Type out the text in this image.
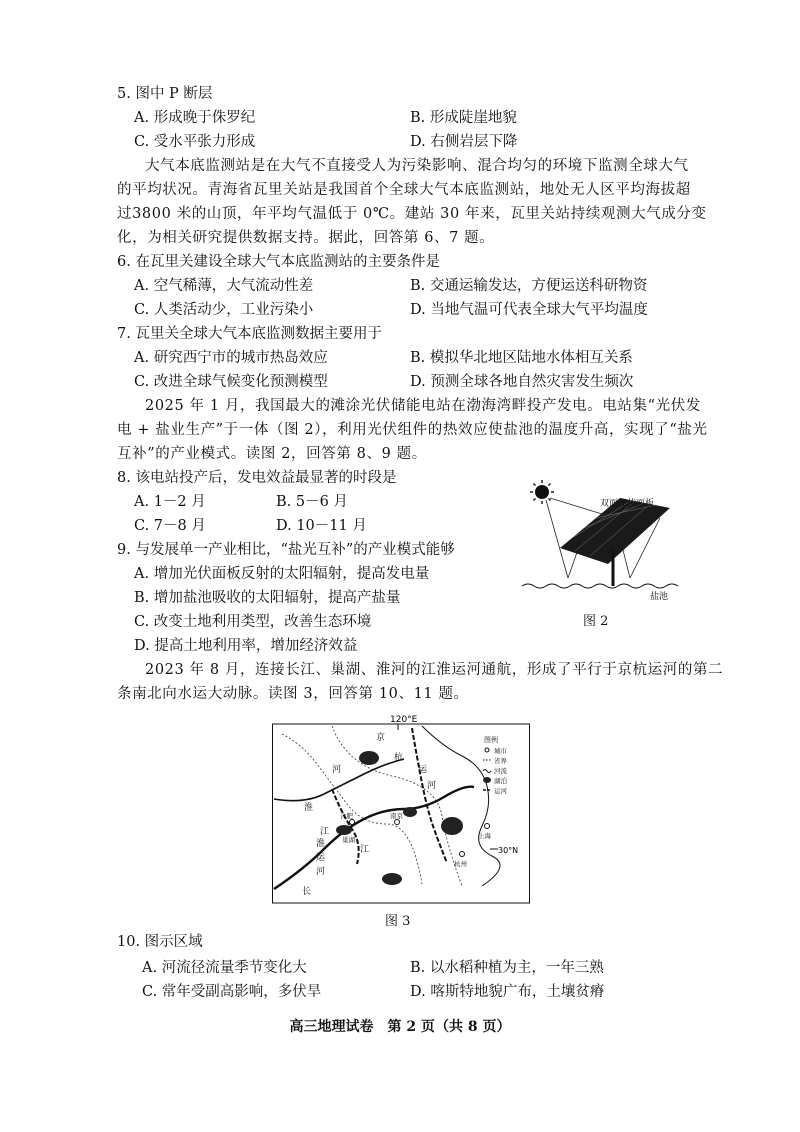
5. 图中 P 断层
A. 形成晚于侏罗纪	B. 形成陡崖地貌
C. 受水平张力形成	D. 右侧岩层下降
大气本底监测站是在大气不直接受人为污染影响、混合均匀的环境下监测全球大气
的平均状况。青海省瓦里关站是我国首个全球大气本底监测站，地处无人区平均海拔超
过3800 米的山顶，年平均气温低于 0℃。建站 30 年来，瓦里关站持续观测大气成分变
化，为相关研究提供数据支持。据此，回答第 6、7 题。
6. 在瓦里关建设全球大气本底监测站的主要条件是
A. 空气稀薄，大气流动性差	B. 交通运输发达，方便运送科研物资
C. 人类活动少，工业污染小	D. 当地气温可代表全球大气平均温度
7. 瓦里关全球大气本底监测数据主要用于
A. 研究西宁市的城市热岛效应	B. 模拟华北地区陆地水体相互关系
C. 改进全球气候变化预测模型	D. 预测全球各地自然灾害发生频次
2025 年 1 月，我国最大的滩涂光伏储能电站在渤海湾畔投产发电。电站集“光伏发
电 + 盐业生产”于一体（图 2），利用光伏组件的热效应使盐池的温度升高，实现了“盐光
互补”的产业模式。读图 2，回答第 8、9 题。
8. 该电站投产后，发电效益最显著的时段是
A. 1－2 月	B. 5－6 月
C. 7－8 月	D. 10－11 月
9. 与发展单一产业相比，“盐光互补”的产业模式能够
A. 增加光伏面板反射的太阳辐射，提高发电量
B. 增加盐池吸收的太阳辐射，提高产盐量
C. 改变土地利用类型，改善生态环境
D. 提高土地利用率，增加经济效益
双面光伏面板
盐池
图 2
2023 年 8 月，连接长江、巢湖、淮河的江淮运河通航，形成了平行于京杭运河的第二
条南北向水运大动脉。读图 3，回答第 10、11 题。
120°E
30°N
京
杭
运
河
河
淮
江
淮
运
河
江
长
合肥	南京
上海
杭州
巢湖
图例
城市
省界
河流
湖泊
运河
图 3
10. 图示区域
A. 河流径流量季节变化大	B. 以水稻种植为主，一年三熟
C. 常年受副高影响，多伏旱	D. 喀斯特地貌广布，土壤贫瘠
高三地理试卷　第 2 页（共 8 页）
